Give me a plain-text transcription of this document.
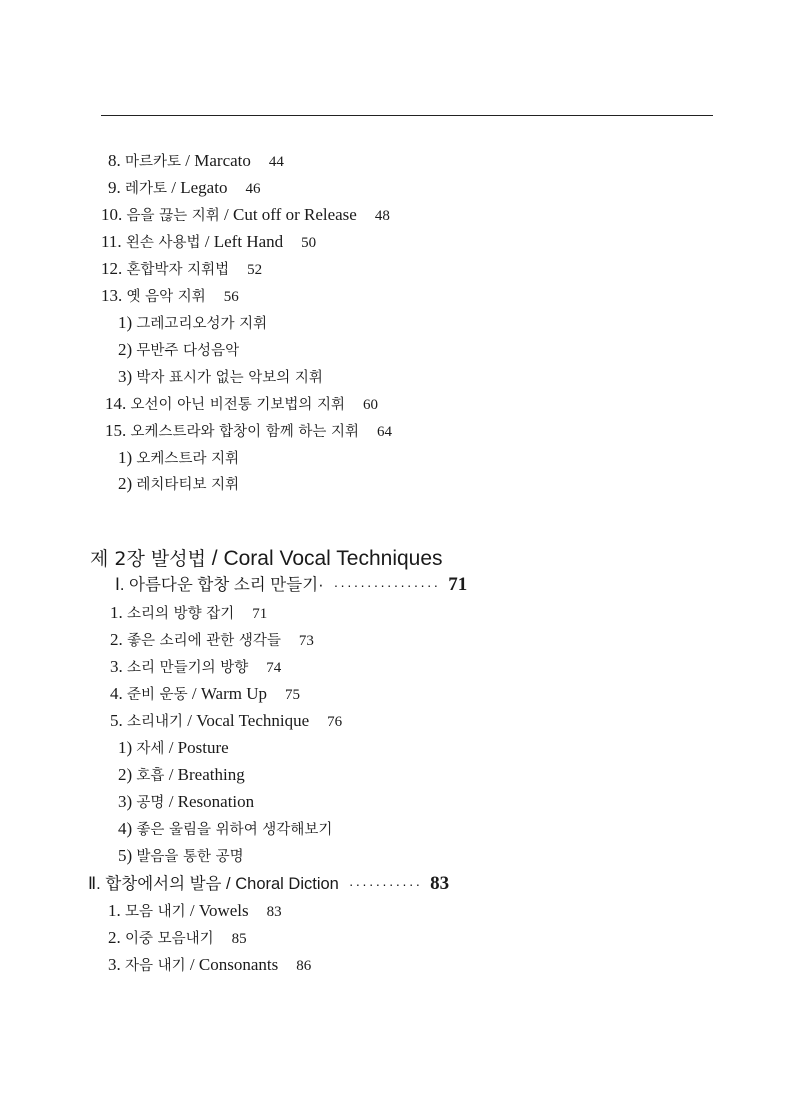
8. 마르카토 / Marcato 44
9. 레가토 / Legato 46
10. 음을 끊는 지휘 / Cut off or Release 48
11. 왼손 사용법 / Left Hand 50
12. 혼합박자 지휘법 52
13. 옛 음악 지휘 56
1) 그레고리오성가 지휘
2) 무반주 다성음악
3) 박자 표시가 없는 악보의 지휘
14. 오선이 아닌 비전통 기보법의 지휘 60
15. 오케스트라와 합창이 함께 하는 지휘 64
1) 오케스트라 지휘
2) 레치타티보 지휘
제 2장 발성법 / Coral Vocal Techniques
Ⅰ. 아름다운 합창 소리 만들기· ················ 71
1. 소리의 방향 잡기 71
2. 좋은 소리에 관한 생각들 73
3. 소리 만들기의 방향 74
4. 준비 운동 / Warm Up 75
5. 소리내기 / Vocal Technique 76
1) 자세 / Posture
2) 호흡 / Breathing
3) 공명 / Resonation
4) 좋은 울림을 위하여 생각해보기
5) 발음을 통한 공명
Ⅱ. 합창에서의 발음 / Choral Diction ··········· 83
1. 모음 내기 / Vowels 83
2. 이중 모음내기 85
3. 자음 내기 / Consonants 86
